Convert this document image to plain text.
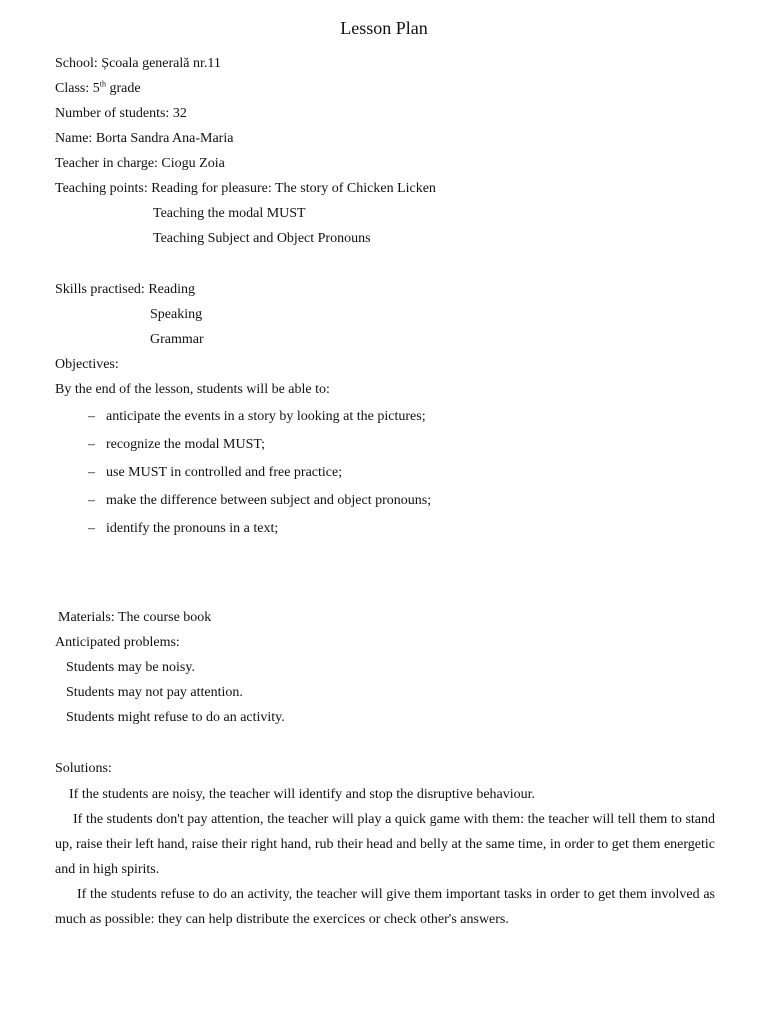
Lesson Plan
School: Școala generală nr.11
Class: 5th grade
Number of students: 32
Name: Borta Sandra Ana-Maria
Teacher in charge: Ciogu Zoia
Teaching points: Reading for pleasure: The story of Chicken Licken
Teaching the modal MUST
Teaching Subject and Object Pronouns
Skills practised: Reading
Speaking
Grammar
Objectives:
By the end of the lesson, students will be able to:
– anticipate the events in a story by looking at the pictures;
– recognize the modal MUST;
– use MUST in controlled and free practice;
– make the difference between subject and object pronouns;
– identify the pronouns in a text;
Materials: The course book
Anticipated problems:
Students may be noisy.
Students may not pay attention.
Students might refuse to do an activity.
Solutions:
If the students are noisy, the teacher will identify and stop the disruptive behaviour.
If the students don't pay attention, the teacher will play a quick game with them: the teacher will tell them to stand up, raise their left hand, raise their right hand, rub their head and belly at the same time, in order to get them energetic and in high spirits.
If the students refuse to do an activity, the teacher will give them important tasks in order to get them involved as much as possible: they can help distribute the exercices or check other's answers.
